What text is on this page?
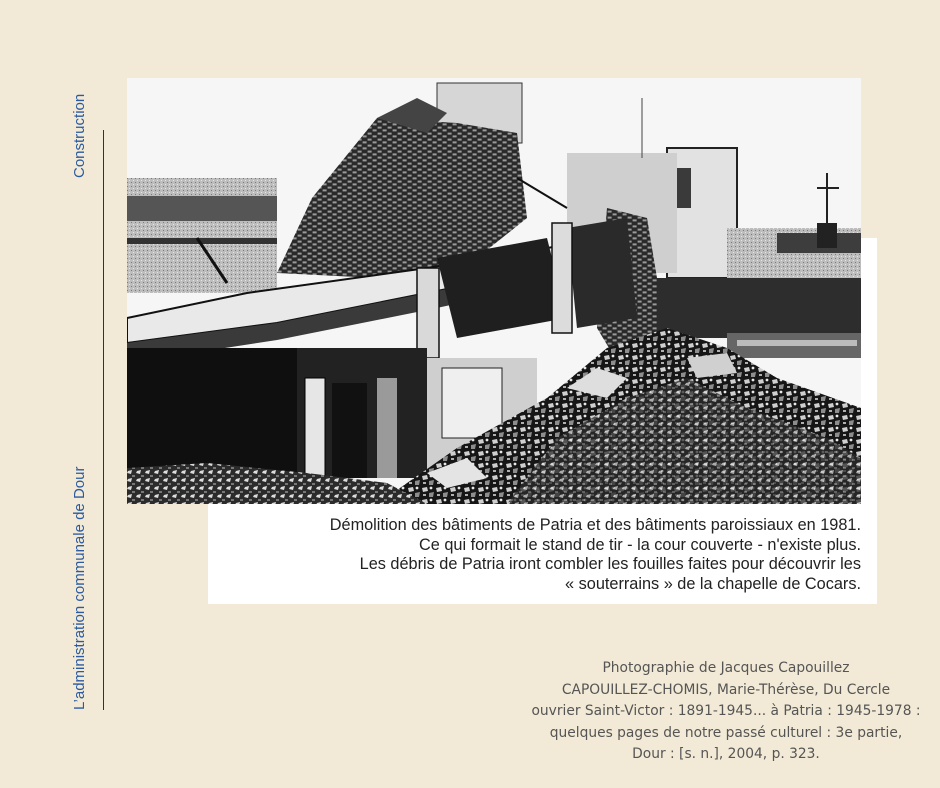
Construction
L’administration communale de Dour	Démolition des bâtiments de Patria et des bâtiments paroissiaux en 1981.
Ce qui formait le stand de tir - la cour couverte - n'existe plus.
Les débris de Patria iront combler les fouilles faites pour découvrir les
« souterrains » de la chapelle de Cocars.
Photographie de Jacques Capouillez
CAPOUILLEZ-CHOMIS, Marie-Thérèse, Du Cercle
ouvrier Saint-Victor : 1891-1945... à Patria : 1945-1978 :
quelques pages de notre passé culturel : 3e partie,
Dour : [s. n.], 2004, p. 323.
